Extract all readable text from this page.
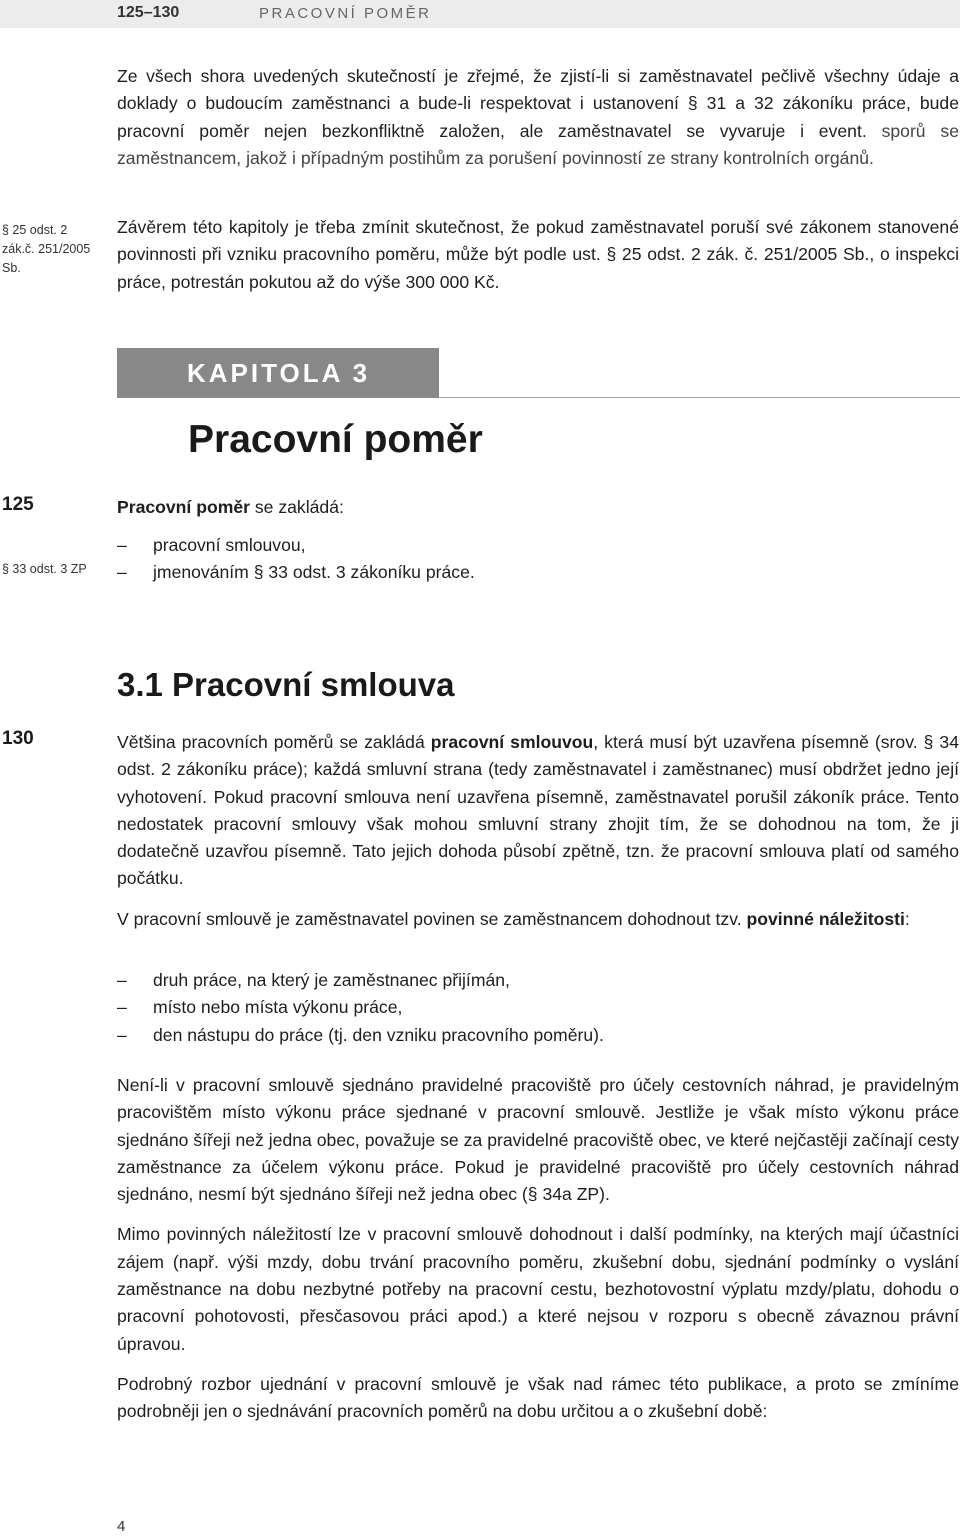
125–130	PRACOVNÍ POMĚR

Ze všech shora uvedených skutečností je zřejmé, že zjistí-li si zaměstnavatel pečlivě všechny údaje a doklady o budoucím zaměstnanci a bude-li respektovat i ustanovení § 31 a 32 zákoníku práce, bude pracovní poměr nejen bezkonfliktně založen, ale zaměstnavatel se vyvaruje i event. sporů se zaměstnancem, jakož i případným postihům za porušení povinností ze strany kontrolních orgánů.

§ 25 odst. 2
zák.č. 251/2005
Sb.

Závěrem této kapitoly je třeba zmínit skutečnost, že pokud zaměstnavatel poruší své zákonem stanovené povinnosti při vzniku pracovního poměru, může být podle ust. § 25 odst. 2 zák. č. 251/2005 Sb., o inspekci práce, potrestán pokutou až do výše 300 000 Kč.

KAPITOLA 3
Pracovní poměr
125	Pracovní poměr se zakládá:

– pracovní smlouvou,
– jmenováním § 33 odst. 3 zákoníku práce.
§ 33 odst. 3 ZP
3.1 Pracovní smlouva
130	Většina pracovních poměrů se zakládá pracovní smlouvou, která musí být uzavřena písemně (srov. § 34 odst. 2 zákoníku práce); každá smluvní strana (tedy zaměstnavatel i zaměstnanec) musí obdržet jedno její vyhotovení. Pokud pracovní smlouva není uzavřena písemně, zaměstnavatel porušil zákoník práce. Tento nedostatek pracovní smlouvy však mohou smluvní strany zhojit tím, že se dohodnou na tom, že ji dodatečně uzavřou písemně. Tato jejich dohoda působí zpětně, tzn. že pracovní smlouva platí od samého počátku.

V pracovní smlouvě je zaměstnavatel povinen se zaměstnancem dohodnout tzv. povinné náležitosti:

– druh práce, na který je zaměstnanec přijímán,
– místo nebo místa výkonu práce,
– den nástupu do práce (tj. den vzniku pracovního poměru).

Není-li v pracovní smlouvě sjednáno pravidelné pracoviště pro účely cestovních náhrad, je pravidelným pracovištěm místo výkonu práce sjednané v pracovní smlouvě. Jestliže je však místo výkonu práce sjednáno šířeji než jedna obec, považuje se za pravidelné pracoviště obec, ve které nejčastěji začínají cesty zaměstnance za účelem výkonu práce. Pokud je pravidelné pracoviště pro účely cestovních náhrad sjednáno, nesmí být sjednáno šířeji než jedna obec (§ 34a ZP).

Mimo povinných náležitostí lze v pracovní smlouvě dohodnout i další podmínky, na kterých mají účastníci zájem (např. výši mzdy, dobu trvání pracovního poměru, zkušební dobu, sjednání podmínky o vyslání zaměstnance na dobu nezbytné potřeby na pracovní cestu, bezhotovostní výplatu mzdy/platu, dohodu o pracovní pohotovosti, přesčasovou práci apod.) a které nejsou v rozporu s obecně závaznou právní úpravou.

Podrobný rozbor ujednání v pracovní smlouvě je však nad rámec této publikace, a proto se zmíníme podrobněji jen o sjednávání pracovních poměrů na dobu určitou a o zkušební době:

4
